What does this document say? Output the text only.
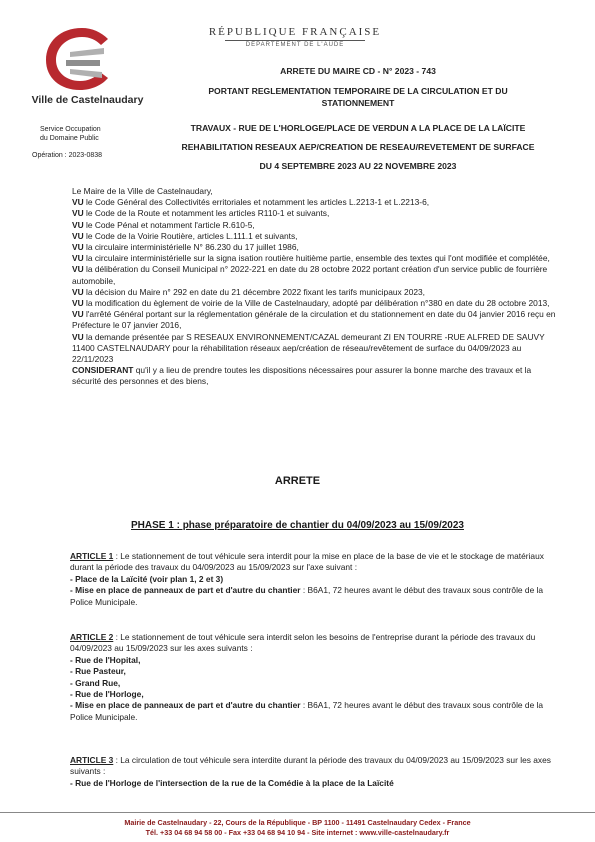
Ville de Castelnaudary
Service Occupation
du Domaine Public
Opération : 2023-0838
RÉPUBLIQUE FRANÇAISE
DÉPARTEMENT DE L'AUDE
ARRETE DU MAIRE CD - N° 2023 - 743
PORTANT REGLEMENTATION TEMPORAIRE DE LA CIRCULATION ET DU
STATIONNEMENT
TRAVAUX - RUE DE L'HORLOGE/PLACE DE VERDUN A LA PLACE DE LA LAÏCITE
REHABILITATION RESEAUX AEP/CREATION DE RESEAU/REVETEMENT DE SURFACE
DU 4 SEPTEMBRE 2023 AU 22 NOVEMBRE 2023

Le Maire de la Ville de Castelnaudary,

VU le Code Général des Collectivités erritoriales et notamment les articles L.2213-1 et L.2213-6,

VU le Code de la Route et notamment les articles R110-1 et suivants,

VU le Code Pénal et notamment l'article R.610-5,

VU le Code de la Voirie Routière, articles L.111.1 et suivants,

VU la circulaire interministérielle N° 86.230 du 17 juillet 1986,

VU la circulaire interministérielle sur la signa isation routière huitième partie, ensemble des textes qui l'ont modifiée et complétée,

VU la délibération du Conseil Municipal n° 2022-221 en date du 28 octobre 2022 portant création d'un service public de fourrière automobile,

VU la décision du Maire n° 292 en date du 21 décembre 2022 fixant les tarifs municipaux 2023,

VU la modification du èglement de voirie de la Ville de Castelnaudary, adopté par délibération n°380 en date du 28 octobre 2013,

VU l'arrêté Général portant sur la réglementation générale de la circulation et du stationnement en date du 04 janvier 2016 reçu en Préfecture le 07 janvier 2016,

VU la demande présentée par S RESEAUX ENVIRONNEMENT/CAZAL demeurant ZI EN TOURRE -RUE ALFRED DE SAUVY 11400 CASTELNAUDARY pour la réhabilitation réseaux aep/création de réseau/revêtement de surface du 04/09/2023 au 22/11/2023

CONSIDERANT qu'il y a lieu de prendre toutes les dispositions nécessaires pour assurer la bonne marche des travaux et la sécurité des personnes et des biens,

ARRETE
PHASE 1 : phase préparatoire de chantier du 04/09/2023 au 15/09/2023

ARTICLE 1 : Le stationnement de tout véhicule sera interdit pour la mise en place de la base de vie et le stockage de matériaux durant la période des travaux du 04/09/2023 au 15/09/2023 sur l'axe suivant :

- Place de la Laïcité (voir plan 1, 2 et 3)

- Mise en place de panneaux de part et d'autre du chantier : B6A1, 72 heures avant le début des travaux sous contrôle de la Police Municipale.

ARTICLE 2 : Le stationnement de tout véhicule sera interdit selon les besoins de l'entreprise durant la période des travaux du 04/09/2023 au 15/09/2023 sur les axes suivants :

- Rue de l'Hopital,

- Rue Pasteur,

- Grand Rue,

- Rue de l'Horloge,

- Mise en place de panneaux de part et d'autre du chantier : B6A1, 72 heures avant le début des travaux sous contrôle de la Police Municipale.

ARTICLE 3 : La circulation de tout véhicule sera interdite durant la période des travaux du 04/09/2023 au 15/09/2023 sur les axes suivants :

- Rue de l'Horloge de l'intersection de la rue de la Comédie à la place de la Laïcité

Mairie de Castelnaudary - 22, Cours de la République - BP 1100 - 11491 Castelnaudary Cedex - France
Tél. +33 04 68 94 58 00 - Fax +33 04 68 94 10 94 - Site internet : www.ville-castelnaudary.fr
